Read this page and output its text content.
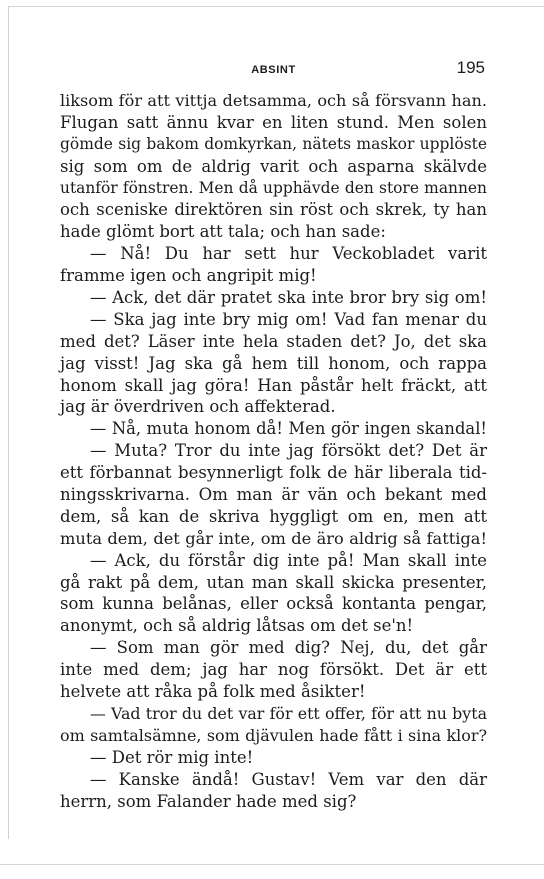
ABSINT	195
liksom för att vittja detsamma, och så försvann han.
Flugan satt ännu kvar en liten stund. Men solen
gömde sig bakom domkyrkan, nätets maskor upplöste
sig som om de aldrig varit och asparna skälvde
utanför fönstren. Men då upphävde den store mannen
och sceniske direktören sin röst och skrek, ty han
hade glömt bort att tala; och han sade:
— Nå! Du har sett hur Veckobladet varit
framme igen och angripit mig!
— Ack, det där pratet ska inte bror bry sig om!
— Ska jag inte bry mig om! Vad fan menar du
med det? Läser inte hela staden det? Jo, det ska
jag visst! Jag ska gå hem till honom, och rappa
honom skall jag göra! Han påstår helt fräckt, att
jag är överdriven och affekterad.
— Nå, muta honom då! Men gör ingen skandal!
— Muta? Tror du inte jag försökt det? Det är
ett förbannat besynnerligt folk de här liberala tid-
ningsskrivarna. Om man är vän och bekant med
dem, så kan de skriva hyggligt om en, men att
muta dem, det går inte, om de äro aldrig så fattiga!
— Ack, du förstår dig inte på! Man skall inte
gå rakt på dem, utan man skall skicka presenter,
som kunna belånas, eller också kontanta pengar,
anonymt, och så aldrig låtsas om det se'n!
— Som man gör med dig? Nej, du, det går
inte med dem; jag har nog försökt. Det är ett
helvete att råka på folk med åsikter!
— Vad tror du det var för ett offer, för att nu byta
om samtalsämne, som djävulen hade fått i sina klor?
— Det rör mig inte!
— Kanske ändå! Gustav! Vem var den där
herrn, som Falander hade med sig?
